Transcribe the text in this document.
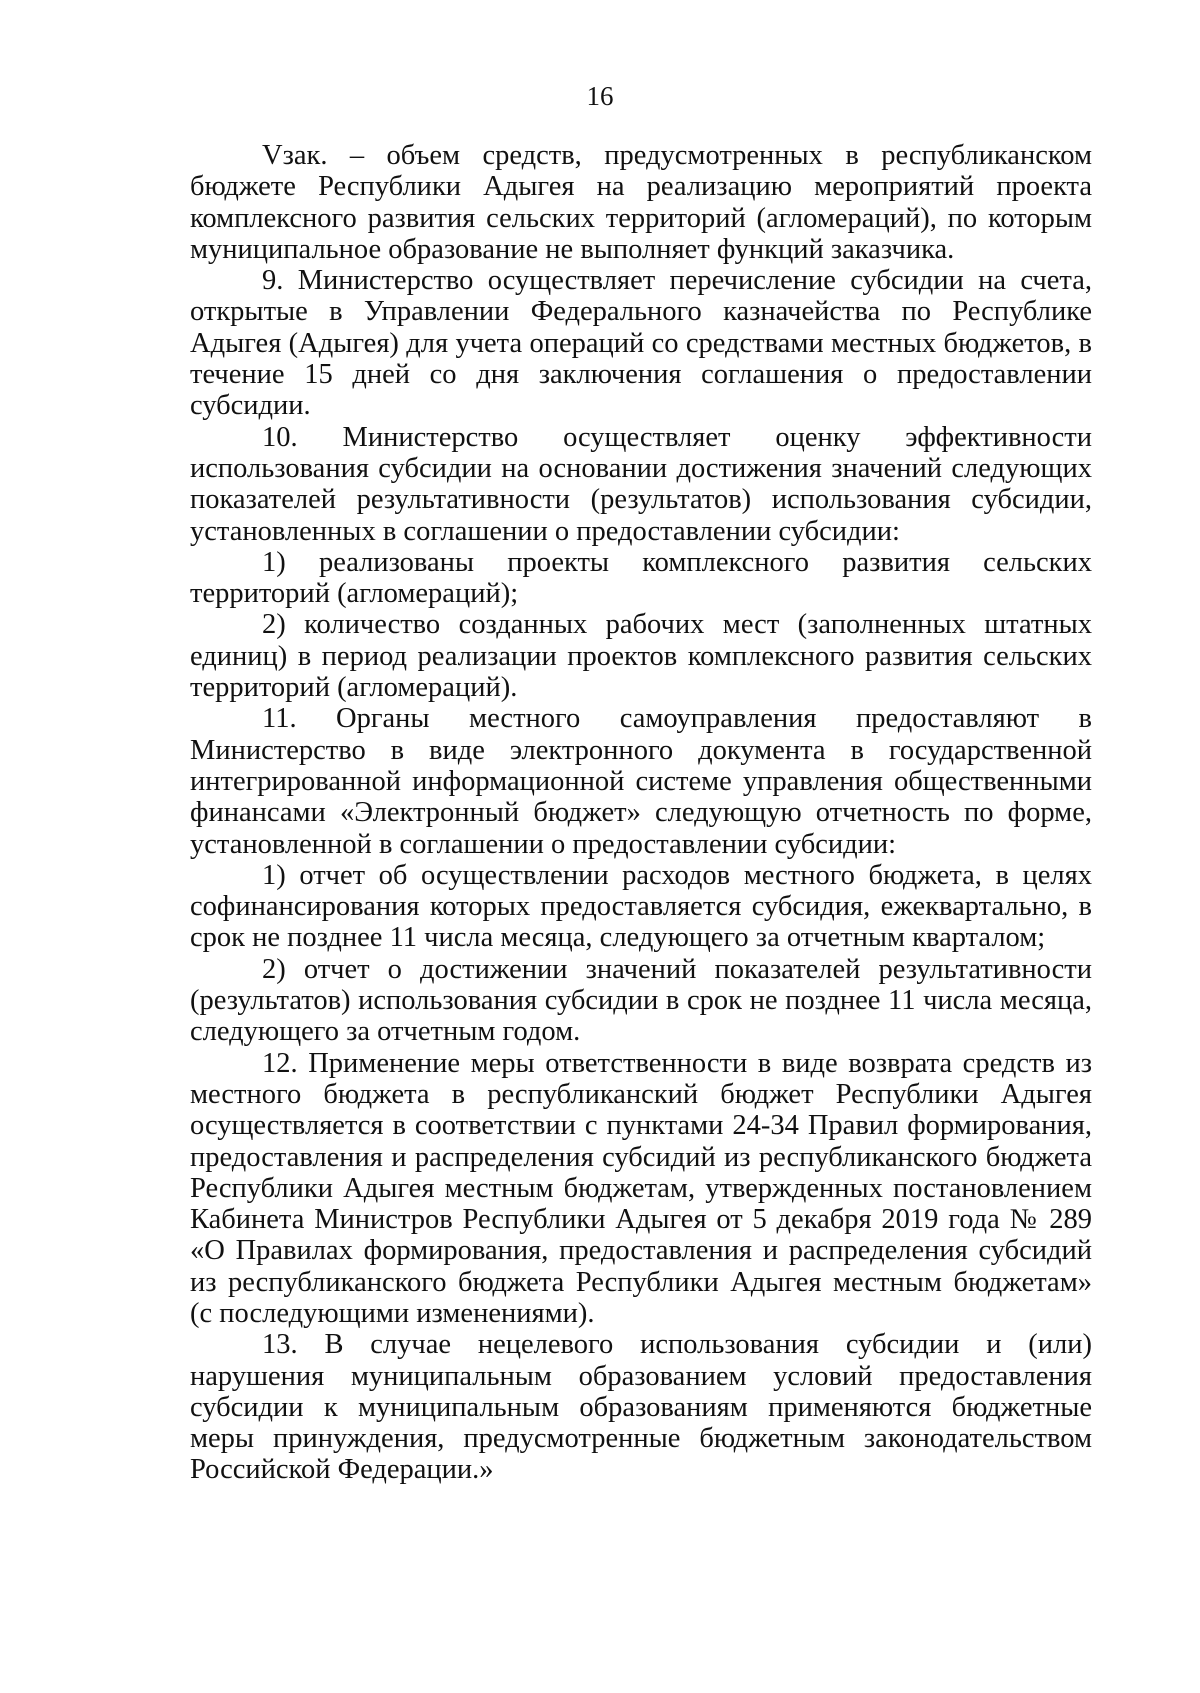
16

Vзак. – объем средств, предусмотренных в республиканском бюджете Республики Адыгея на реализацию мероприятий проекта комплексного развития сельских территорий (агломераций), по которым муниципальное образование не выполняет функций заказчика.

9. Министерство осуществляет перечисление субсидии на счета, открытые в Управлении Федерального казначейства по Республике Адыгея (Адыгея) для учета операций со средствами местных бюджетов, в течение 15 дней со дня заключения соглашения о предоставлении субсидии.

10. Министерство осуществляет оценку эффективности использования субсидии на основании достижения значений следующих показателей результативности (результатов) использования субсидии, установленных в соглашении о предоставлении субсидии:

1) реализованы проекты комплексного развития сельских территорий (агломераций);

2) количество созданных рабочих мест (заполненных штатных единиц) в период реализации проектов комплексного развития сельских территорий (агломераций).

11. Органы местного самоуправления предоставляют в Министерство в виде электронного документа в государственной интегрированной информационной системе управления общественными финансами «Электронный бюджет» следующую отчетность по форме, установленной в соглашении о предоставлении субсидии:

1) отчет об осуществлении расходов местного бюджета, в целях софинансирования которых предоставляется субсидия, ежеквартально, в срок не позднее 11 числа месяца, следующего за отчетным кварталом;

2) отчет о достижении значений показателей результативности (результатов) использования субсидии в срок не позднее 11 числа месяца, следующего за отчетным годом.

12. Применение меры ответственности в виде возврата средств из местного бюджета в республиканский бюджет Республики Адыгея осуществляется в соответствии с пунктами 24-34 Правил формирования, предоставления и распределения субсидий из республиканского бюджета Республики Адыгея местным бюджетам, утвержденных постановлением Кабинета Министров Республики Адыгея от 5 декабря 2019 года № 289 «О Правилах формирования, предоставления и распределения субсидий из республиканского бюджета Республики Адыгея местным бюджетам» (с последующими изменениями).

13. В случае нецелевого использования субсидии и (или) нарушения муниципальным образованием условий предоставления субсидии к муниципальным образованиям применяются бюджетные меры принуждения, предусмотренные бюджетным законодательством Российской Федерации.»
